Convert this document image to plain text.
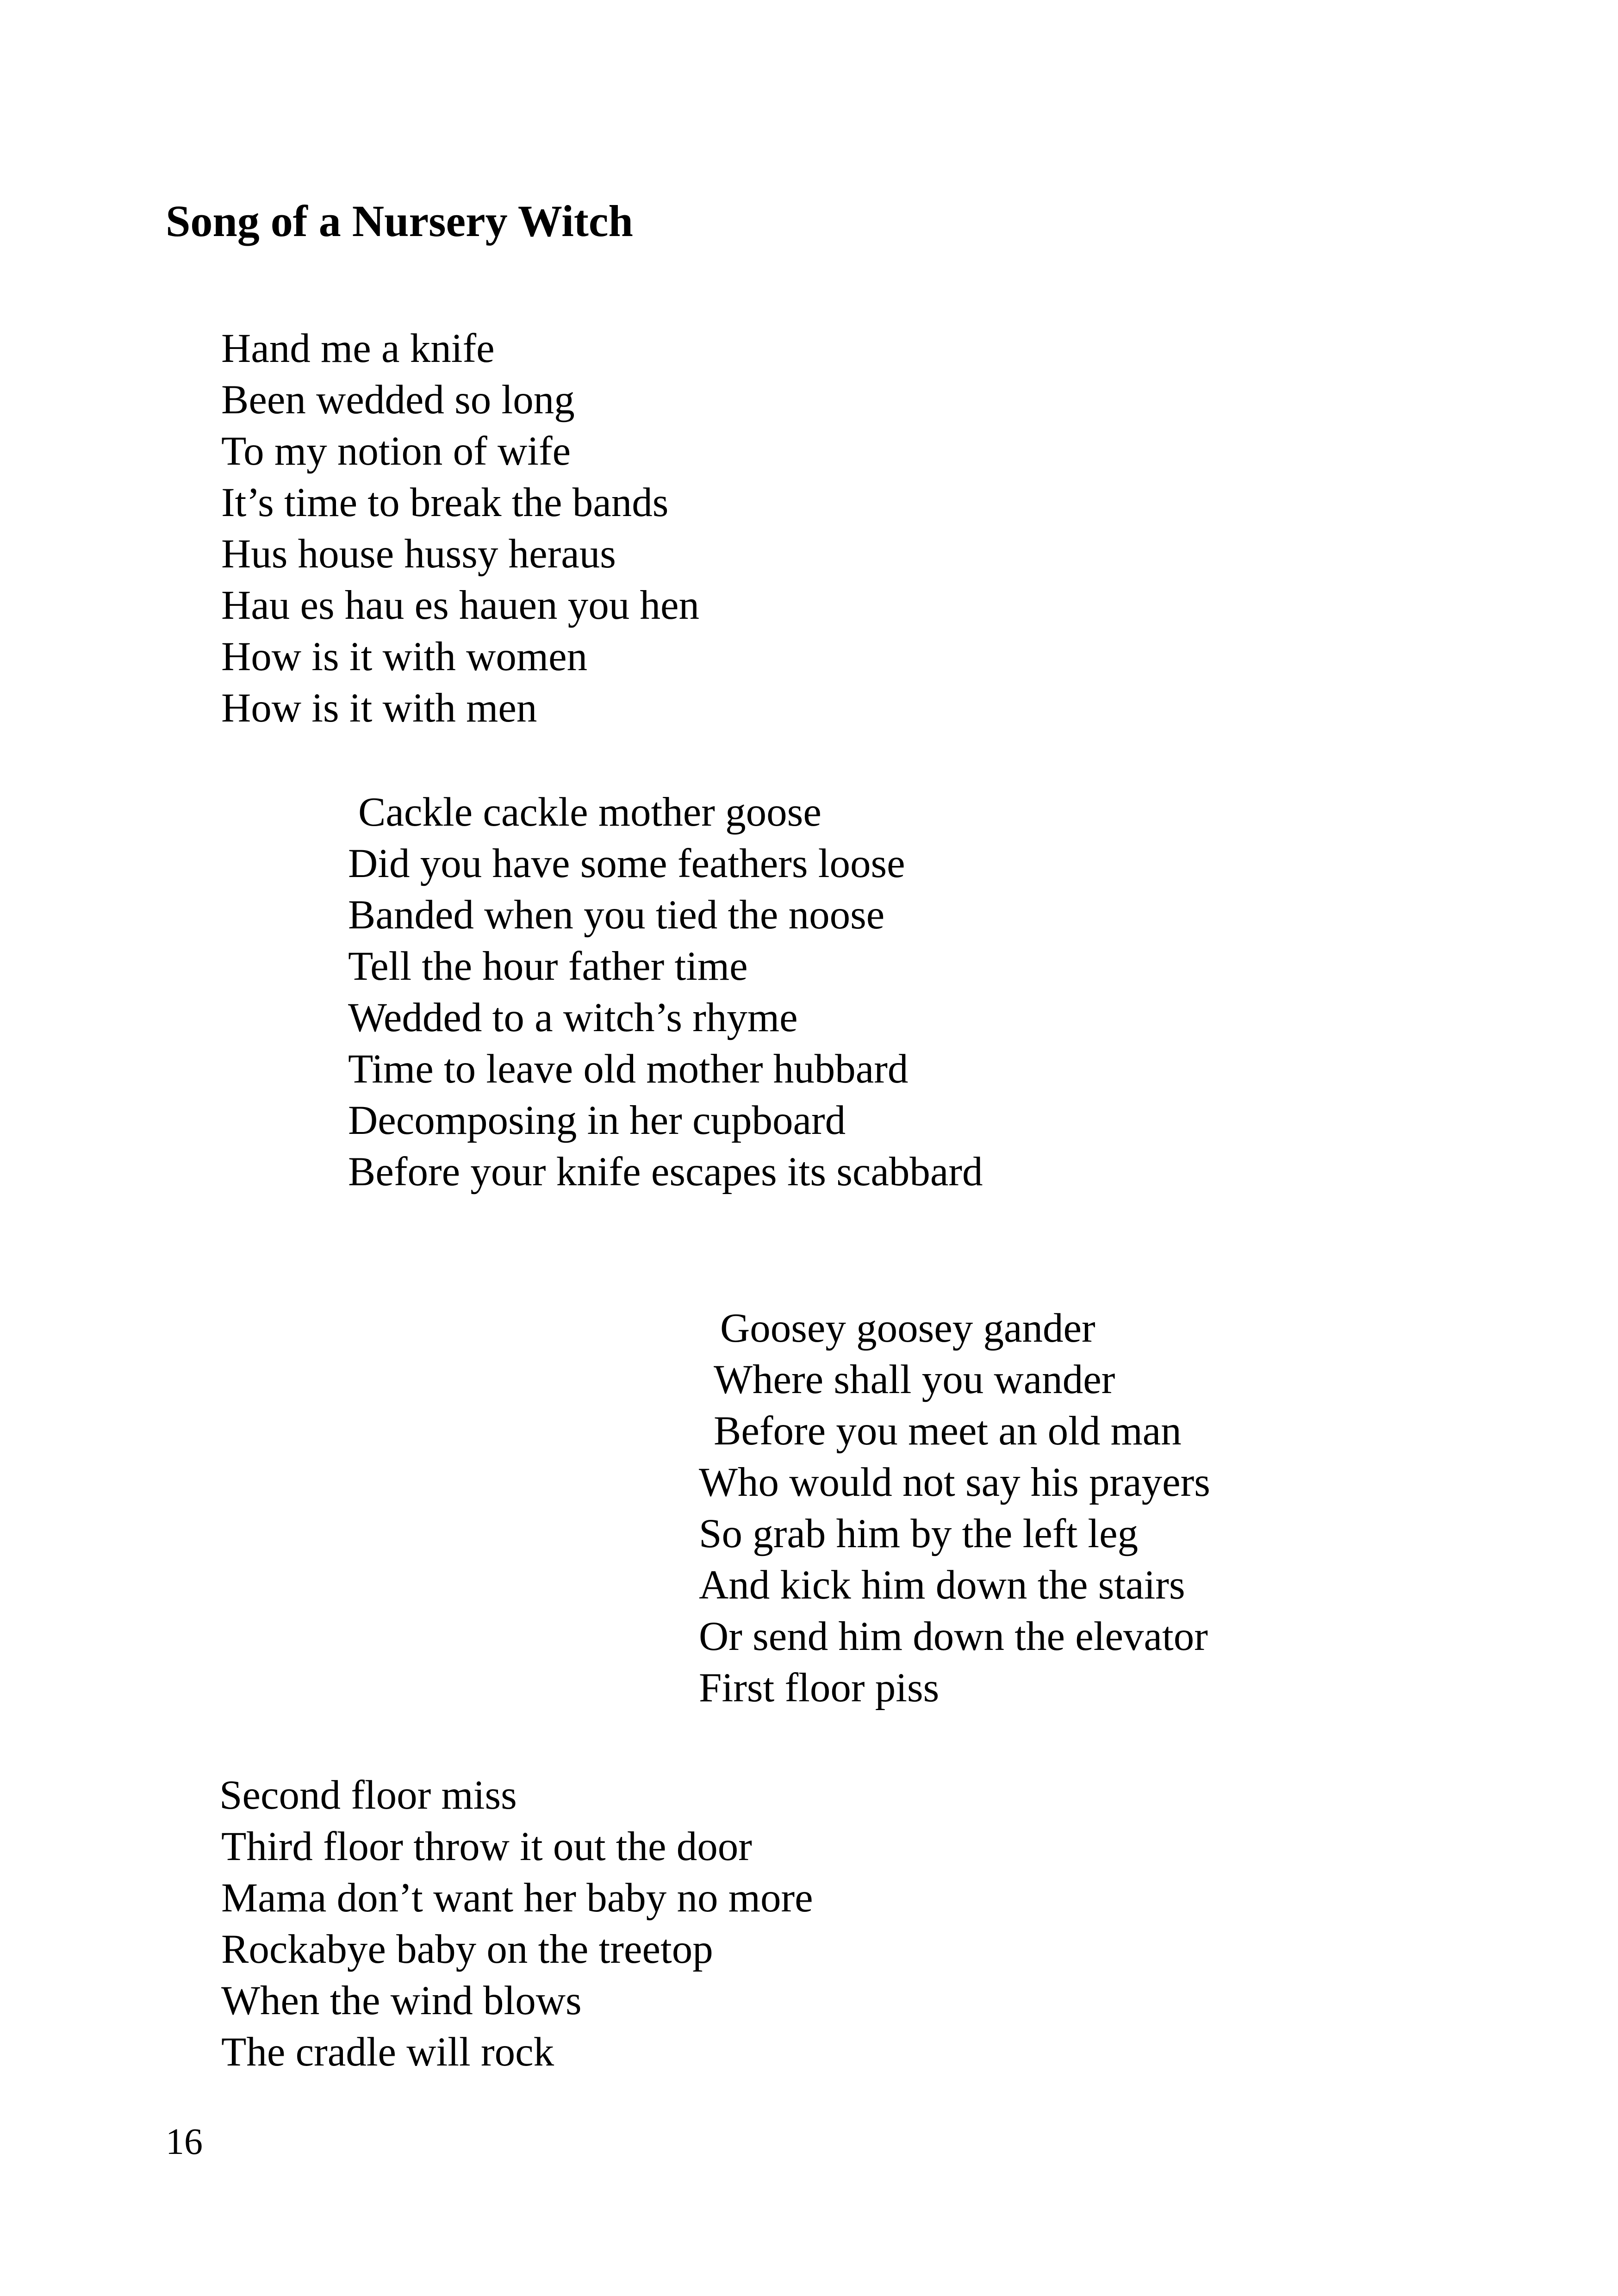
Song of a Nursery Witch
Hand me a knife
Been wedded so long
To my notion of wife
It’s time to break the bands
Hus house hussy heraus
Hau es hau es hauen you hen
How is it with women
How is it with men
Cackle cackle mother goose
Did you have some feathers loose
Banded when you tied the noose
Tell the hour father time
Wedded to a witch’s rhyme
Time to leave old mother hubbard
Decomposing in her cupboard
Before your knife escapes its scabbard
Goosey goosey gander
Where shall you wander
Before you meet an old man
Who would not say his prayers
So grab him by the left leg
And kick him down the stairs
Or send him down the elevator
First floor piss
Second floor miss
Third floor throw it out the door
Mama don’t want her baby no more
Rockabye baby on the treetop
When the wind blows
The cradle will rock
16
